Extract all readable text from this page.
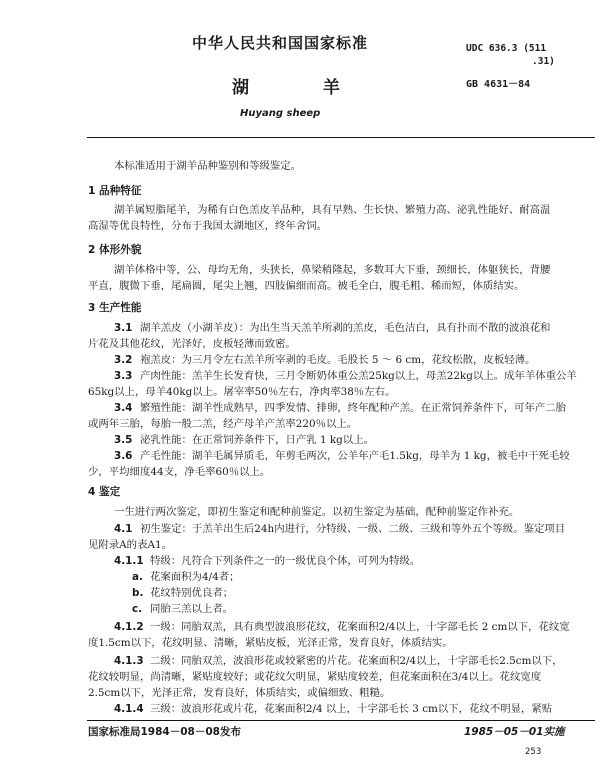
中华人民共和国国家标准	UDC 636.3 (511
.31)
湖 羊	GB 4631－84
Huyang sheep
本标准适用于湖羊品种鉴别和等级鉴定。
1 品种特征
湖羊属短脂尾羊，为稀有白色羔皮羊品种，具有早熟、生长快、繁殖力高、泌乳性能好、耐高温
高湿等优良特性，分布于我国太湖地区，终年舍饲。
2 体形外貌
湖羊体格中等，公、母均无角，头狭长，鼻梁稍隆起，多数耳大下垂，颈细长，体躯狭长，背腰
平直，腹微下垂，尾扁圆，尾尖上翘，四肢偏细而高。被毛全白，腹毛粗、稀而短，体质结实。
3 生产性能
3.1 湖羊羔皮（小湖羊皮）：为出生当天羔羊所剥的羔皮，毛色洁白，具有扑而不散的波浪花和
片花及其他花纹，光泽好，皮板轻薄而致密。
3.2 袍羔皮：为三月令左右羔羊所宰剥的毛皮。毛股长 5 ～ 6 cm，花纹松散，皮板轻薄。
3.3 产肉性能：羔羊生长发育快，三月令断奶体重公羔25kg以上，母羔22kg以上。成年羊体重公羊
65kg以上，母羊40kg以上。屠宰率50％左右，净肉率38％左右。
3.4 繁殖性能：湖羊性成熟早，四季发情、排卵，终年配种产羔。在正常饲养条件下，可年产二胎
或两年三胎，每胎一般二羔，经产母羊产羔率220％以上。
3.5 泌乳性能：在正常饲养条件下，日产乳 1 kg以上。
3.6 产毛性能：湖羊毛属异质毛，年剪毛两次，公羊年产毛1.5kg，母羊为 1 kg，被毛中干死毛较
少，平均细度44支，净毛率60％以上。
4 鉴定
一生进行两次鉴定，即初生鉴定和配种前鉴定。以初生鉴定为基础，配种前鉴定作补充。
4.1 初生鉴定：于羔羊出生后24h内进行，分特级、一级、二级、三级和等外五个等级。鉴定项目
见附录A的表A1。
4.1.1 特级：凡符合下列条件之一的一级优良个体，可列为特级。
a. 花案面积为4/4者；
b. 花纹特别优良者；
c. 同胎三羔以上者。
4.1.2 一级：同胎双羔，具有典型波浪形花纹，花案面积2/4以上，十字部毛长 2 cm以下，花纹宽
度1.5cm以下，花纹明显、清晰，紧贴皮板，光泽正常，发育良好，体质结实。
4.1.3 二级：同胎双羔，波浪形花或较紧密的片花。花案面积2/4以上，十字部毛长2.5cm以下，
花纹较明显，尚清晰，紧贴度较好；或花纹欠明显，紧贴度较差，但花案面积在3/4以上。花纹宽度
2.5cm以下，光泽正常，发育良好，体质结实，或偏细致、粗糙。
4.1.4 三级：波浪形花或片花，花案面积2/4 以上，十字部毛长 3 cm以下，花纹不明显，紧贴
国家标准局1984－08－08发布	1985－05－01实施
253
